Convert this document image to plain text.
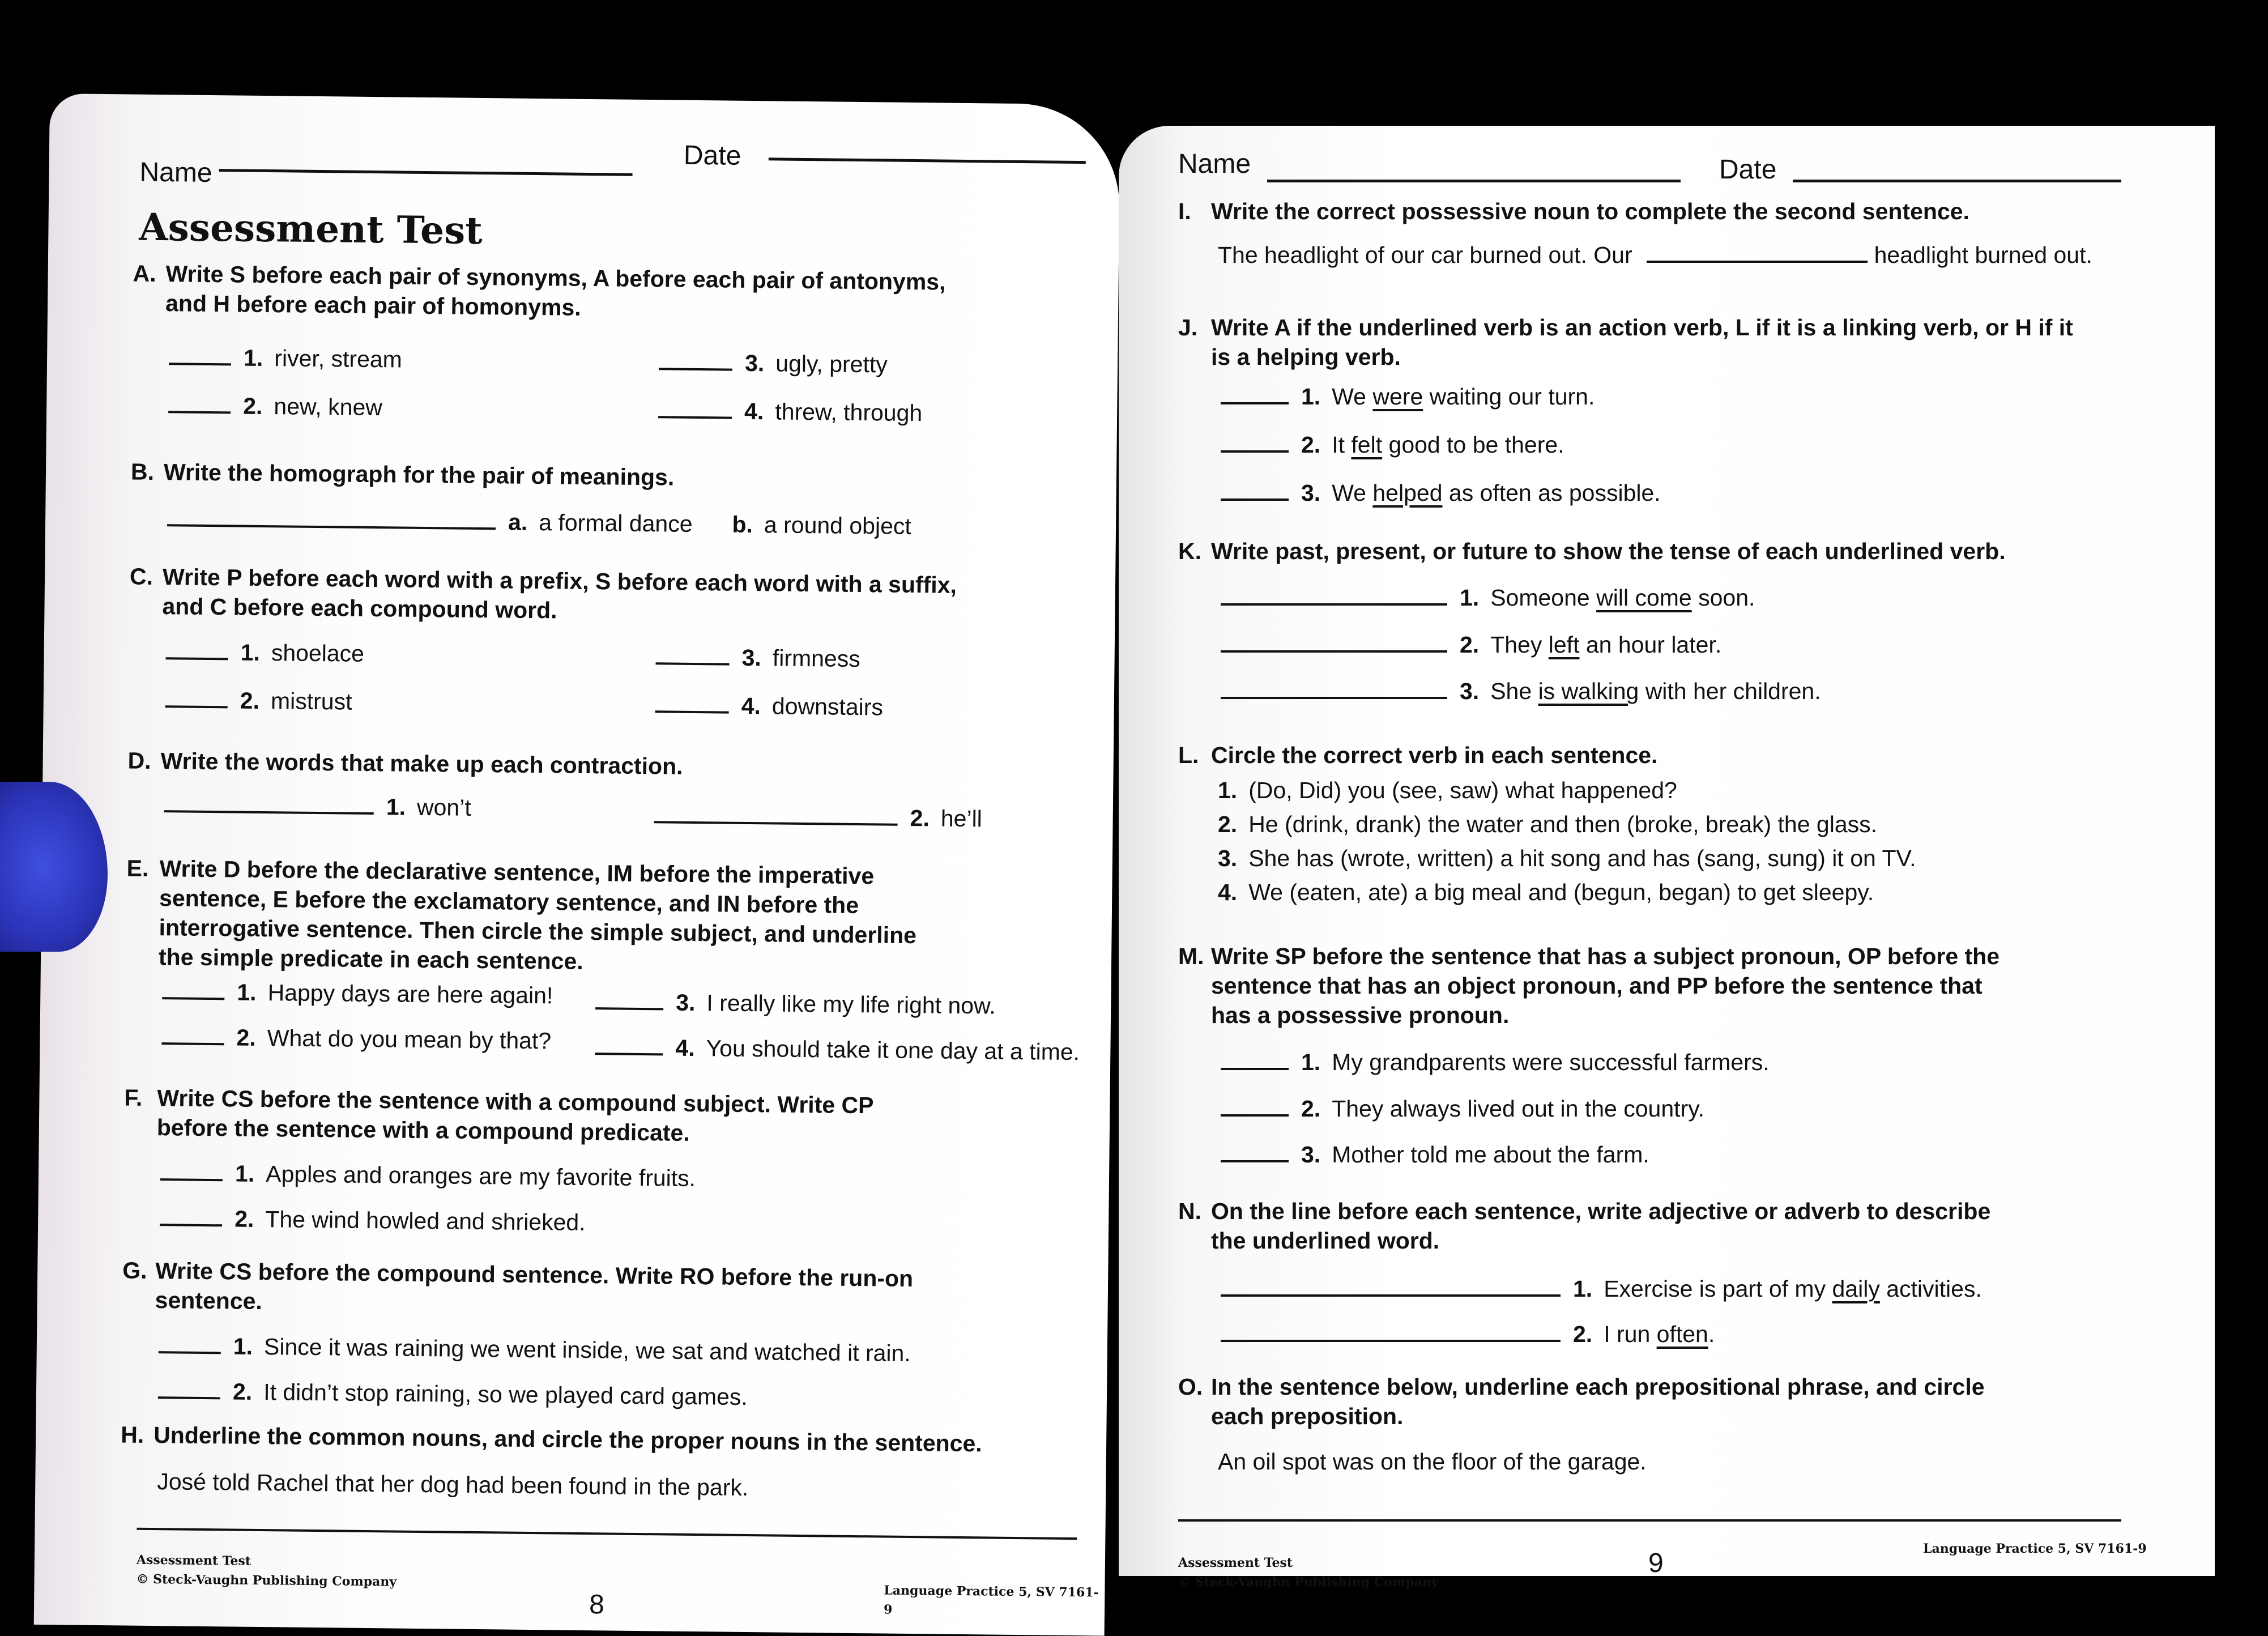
Name
Date
Assessment Test
A. Write S before each pair of synonyms, A before each pair of antonyms, and H before each pair of homonyms.
1. river, stream
2. new, knew
3. ugly, pretty
4. threw, through
B. Write the homograph for the pair of meanings.
a. a formal dance b. a round object
C. Write P before each word with a prefix, S before each word with a suffix, and C before each compound word.
1. shoelace
2. mistrust
3. firmness
4. downstairs
D. Write the words that make up each contraction.
1. won’t	2. he’ll
E. Write D before the declarative sentence, IM before the imperative sentence, E before the exclamatory sentence, and IN before the interrogative sentence. Then circle the simple subject, and underline the simple predicate in each sentence.
1. Happy days are here again!
2. What do you mean by that?
3. I really like my life right now.
4. You should take it one day at a time.
F. Write CS before the sentence with a compound subject. Write CP before the sentence with a compound predicate.
1. Apples and oranges are my favorite fruits.
2. The wind howled and shrieked.
G. Write CS before the compound sentence. Write RO before the run-on sentence.
1. Since it was raining we went inside, we sat and watched it rain.
2. It didn’t stop raining, so we played card games.
H. Underline the common nouns, and circle the proper nouns in the sentence.
José told Rachel that her dog had been found in the park.
Assessment Test
© Steck-Vaughn Publishing Company
8	Language Practice 5, SV 7161-9
Name	Date
I. Write the correct possessive noun to complete the second sentence.
The headlight of our car burned out. Our	headlight burned out.
J. Write A if the underlined verb is an action verb, L if it is a linking verb, or H if it is a helping verb.
1. We
were
waiting our turn.
2. It
felt
good to be there.
3. We
helped
as often as possible.
K. Write past, present, or future to show the tense of each underlined verb.
1. Someone
will come
soon.
2. They
left
an hour later.
3. She
is walking
with her children.
L. Circle the correct verb in each sentence.
1. (Do, Did) you (see, saw) what happened?
2. He (drink, drank) the water and then (broke, break) the glass.
3. She has (wrote, written) a hit song and has (sang, sung) it on TV.
4. We (eaten, ate) a big meal and (begun, began) to get sleepy.
M. Write SP before the sentence that has a subject pronoun, OP before the sentence that has an object pronoun, and PP before the sentence that has a possessive pronoun.
1. My grandparents were successful farmers.
2. They always lived out in the country.
3. Mother told me about the farm.
N. On the line before each sentence, write adjective or adverb to describe the underlined word.
1. Exercise is part of my
daily
activities.
2. I run
often .
O. In the sentence below, underline each prepositional phrase, and circle each preposition.
An oil spot was on the floor of the garage.
Assessment Test
© Steck-Vaughn Publishing Company
9	Language Practice 5, SV 7161-9
